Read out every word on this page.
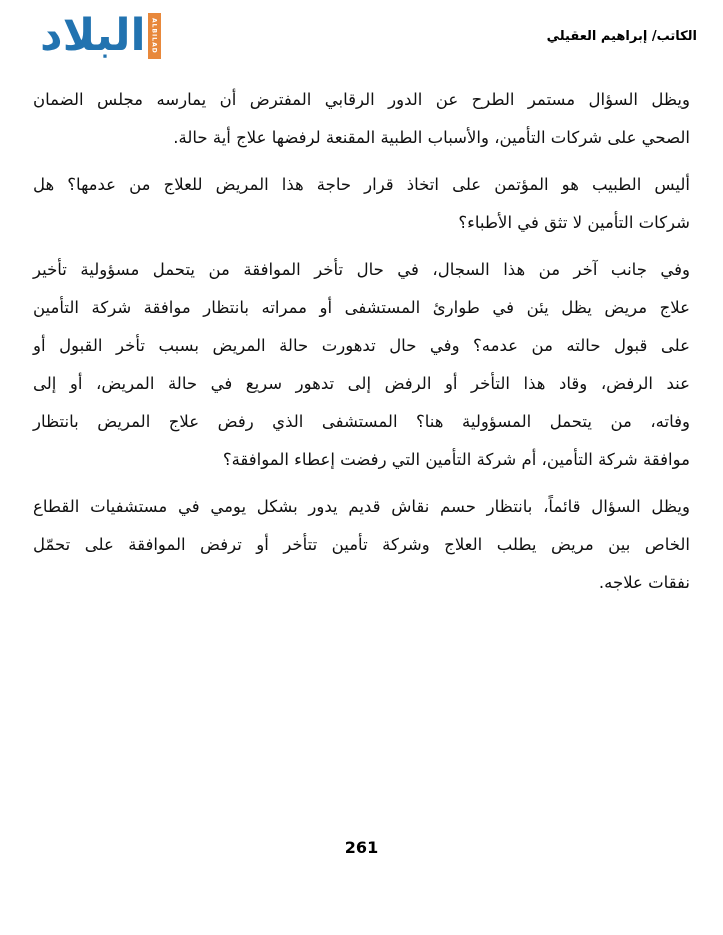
البلاد ALBILAD	الكاتب/ إبراهيم العقيلي
ويظل السؤال مستمر الطرح عن الدور الرقابي المفترض أن يمارسه مجلس الضمان
الصحي على شركات التأمين، والأسباب الطبية المقنعة لرفضها علاج أية حالة.
أليس الطبيب هو المؤتمن على اتخاذ قرار حاجة هذا المريض للعلاج من عدمها؟ هل
شركات التأمين لا تثق في الأطباء؟
وفي جانب آخر من هذا السجال، في حال تأخر الموافقة من يتحمل مسؤولية تأخير
علاج مريض يظل يئن في طوارئ المستشفى أو ممراته بانتظار موافقة شركة التأمين
على قبول حالته من عدمه؟ وفي حال تدهورت حالة المريض بسبب تأخر القبول أو
عند الرفض، وقاد هذا التأخر أو الرفض إلى تدهور سريع في حالة المريض، أو إلى
وفاته، من يتحمل المسؤولية هنا؟ المستشفى الذي رفض علاج المريض بانتظار
موافقة شركة التأمين، أم شركة التأمين التي رفضت إعطاء الموافقة؟
ويظل السؤال قائماً، بانتظار حسم نقاش قديم يدور بشكل يومي في مستشفيات القطاع
الخاص بين مريض يطلب العلاج وشركة تأمين تتأخر أو ترفض الموافقة على تحمّل
نفقات علاجه.
261
